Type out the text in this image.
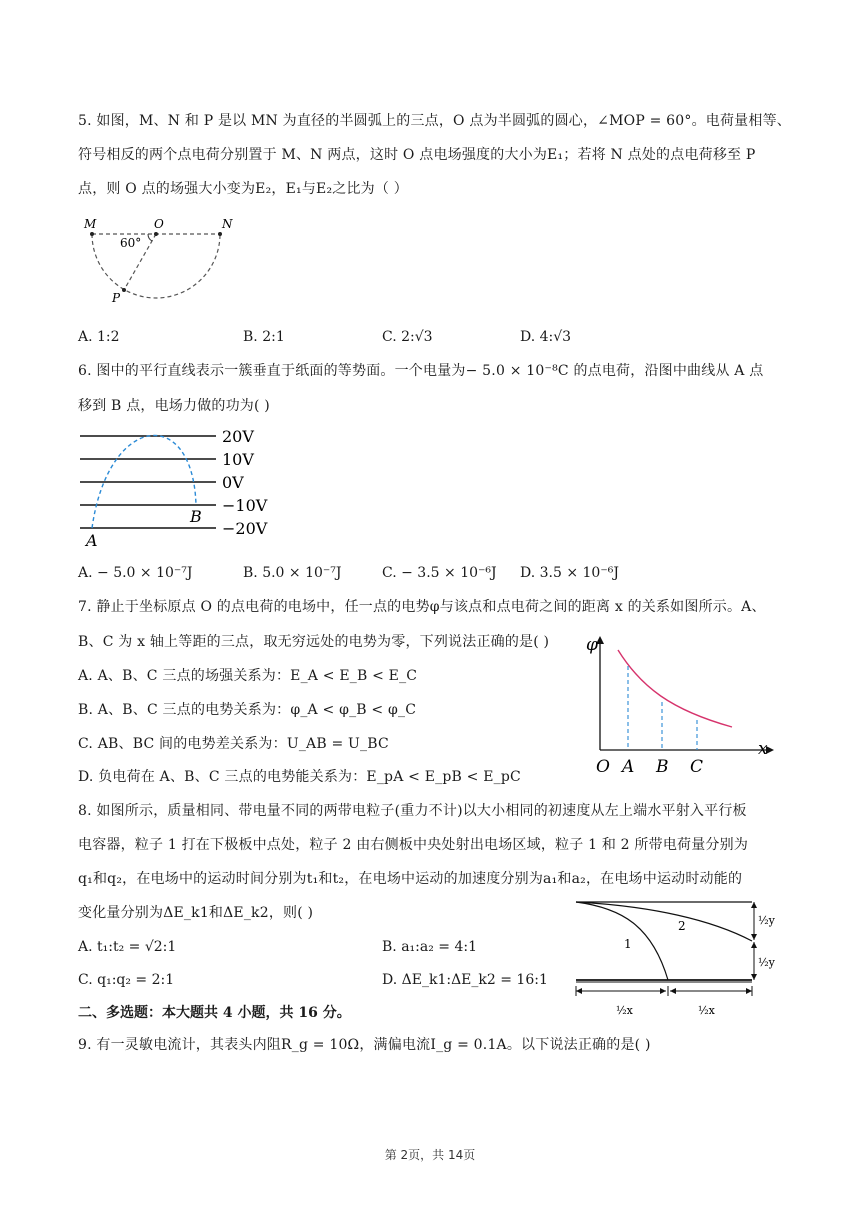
5. 如图，M、N 和 P 是以 MN 为直径的半圆弧上的三点，O 点为半圆弧的圆心，∠MOP = 60°。电荷量相等、
符号相反的两个点电荷分别置于 M、N 两点，这时 O 点电场强度的大小为E₁；若将 N 点处的点电荷移至 P
点，则 O 点的场强大小变为E₂，E₁与E₂之比为（ ）
M	O	N
P
60°
A. 1:2	B. 2:1	C. 2:√3	D. 4:√3
6. 图中的平行直线表示一簇垂直于纸面的等势面。一个电量为− 5.0 × 10⁻⁸C 的点电荷，沿图中曲线从 A 点
移到 B 点，电场力做的功为( )
20V
10V
0V
−10V
−20V
B
A
A. − 5.0 × 10⁻⁷J	B. 5.0 × 10⁻⁷J	C. − 3.5 × 10⁻⁶J D. 3.5 × 10⁻⁶J
7. 静止于坐标原点 O 的点电荷的电场中，任一点的电势φ与该点和点电荷之间的距离 x 的关系如图所示。A、
B、C 为 x 轴上等距的三点，取无穷远处的电势为零，下列说法正确的是( )
A. A、B、C 三点的场强关系为：E_A < E_B < E_C
B. A、B、C 三点的电势关系为：φ_A < φ_B < φ_C
C. AB、BC 间的电势差关系为：U_AB = U_BC
D. 负电荷在 A、B、C 三点的电势能关系为：E_pA < E_pB < E_pC
φ
x
O A B C
8. 如图所示，质量相同、带电量不同的两带电粒子(重力不计)以大小相同的初速度从左上端水平射入平行板
电容器，粒子 1 打在下极板中点处，粒子 2 由右侧板中央处射出电场区域，粒子 1 和 2 所带电荷量分别为
q₁和q₂，在电场中的运动时间分别为t₁和t₂，在电场中运动的加速度分别为a₁和a₂，在电场中运动时动能的
变化量分别为ΔE_k1和ΔE_k2，则( )
A. t₁:t₂ = √2:1	B. a₁:a₂ = 4:1
C. q₁:q₂ = 2:1	D. ΔE_k1:ΔE_k2 = 16:1
1
2	½y
½y
½x	½x
二、多选题：本大题共 4 小题，共 16 分。
9. 有一灵敏电流计，其表头内阻R_g = 10Ω，满偏电流I_g = 0.1A。以下说法正确的是( )
第 2页，共 14页
